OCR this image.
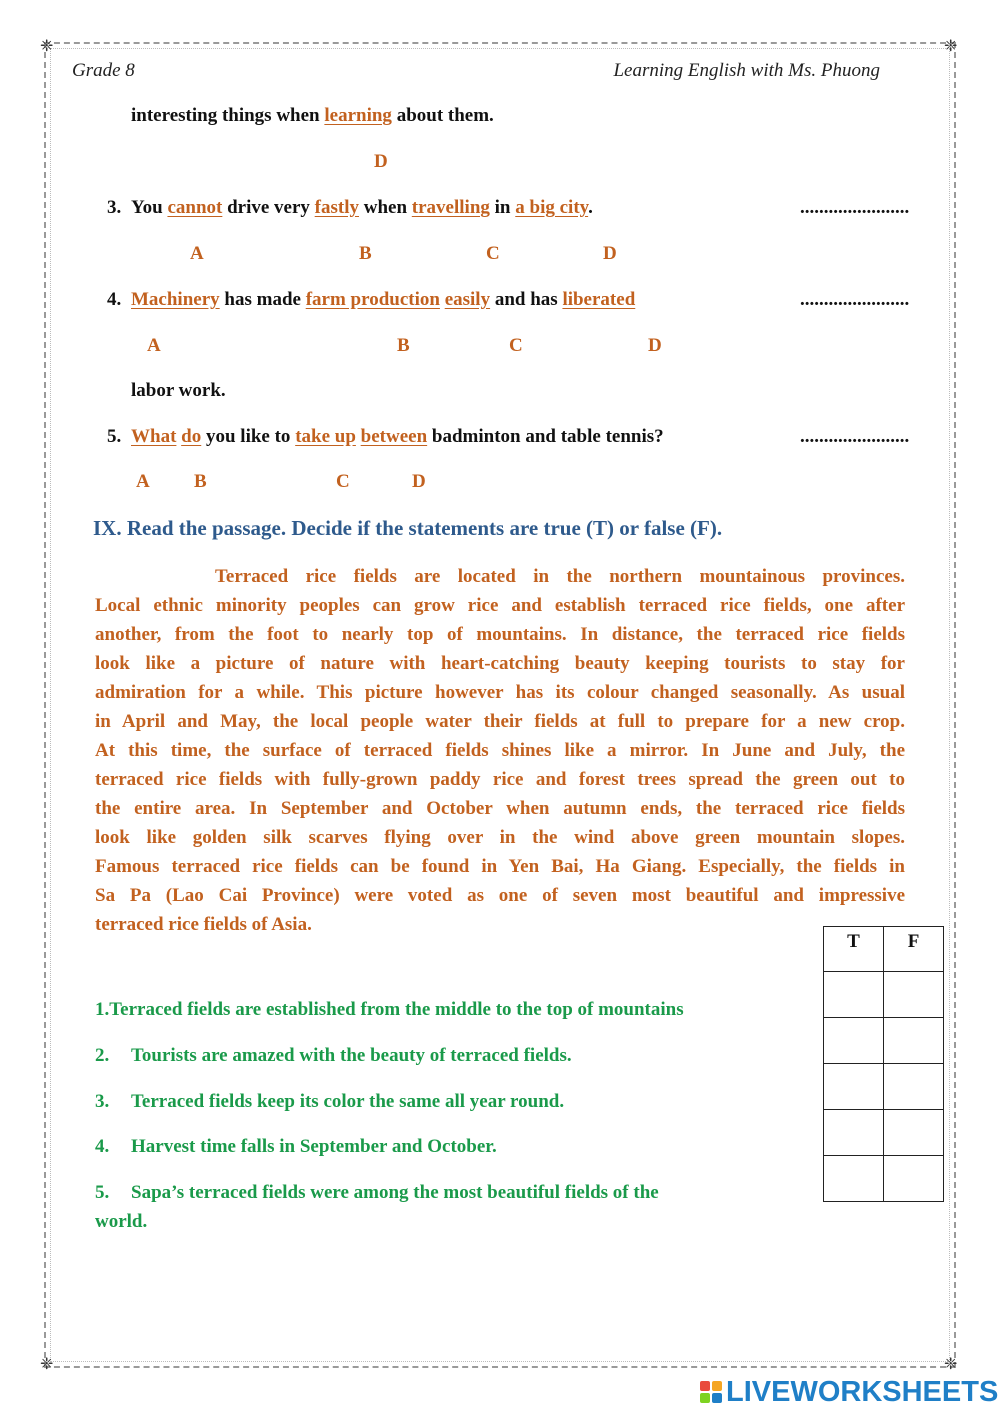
❈	❈
❈	❈
Grade 8	Learning English with Ms. Phuong
interesting things when learning about them.
D
3. You cannot drive very fastly when travelling in a big city.	.......................
A	B	C	D
4. Machinery has made farm production easily and has liberated	.......................
A	B	C	D
labor work.
5. What do you like to take up between badminton and table tennis?	.......................
A B	C	D
IX. Read the passage. Decide if the statements are true (T) or false (F).
Terraced rice fields are located in the northern mountainous provinces.
Local ethnic minority peoples can grow rice and establish terraced rice fields, one after
another, from the foot to nearly top of mountains. In distance, the terraced rice fields
look like a picture of nature with heart-catching beauty keeping tourists to stay for
admiration for a while. This picture however has its colour changed seasonally. As usual
in April and May, the local people water their fields at full to prepare for a new crop.
At this time, the surface of terraced fields shines like a mirror. In June and July, the
terraced rice fields with fully-grown paddy rice and forest trees spread the green out to
the entire area. In September and October when autumn ends, the terraced rice fields
look like golden silk scarves flying over in the wind above green mountain slopes.
Famous terraced rice fields can be found in Yen Bai, Ha Giang. Especially, the fields in
Sa Pa (Lao Cai Province) were voted as one of seven most beautiful and impressive
terraced rice fields of Asia.
T	F

1.Terraced fields are established from the middle to the top of mountains
2. Tourists are amazed with the beauty of terraced fields.
3. Terraced fields keep its color the same all year round.
4. Harvest time falls in September and October.
5. Sapa’s terraced fields were among the most beautiful fields of the
world.
LIVEWORKSHEETS
